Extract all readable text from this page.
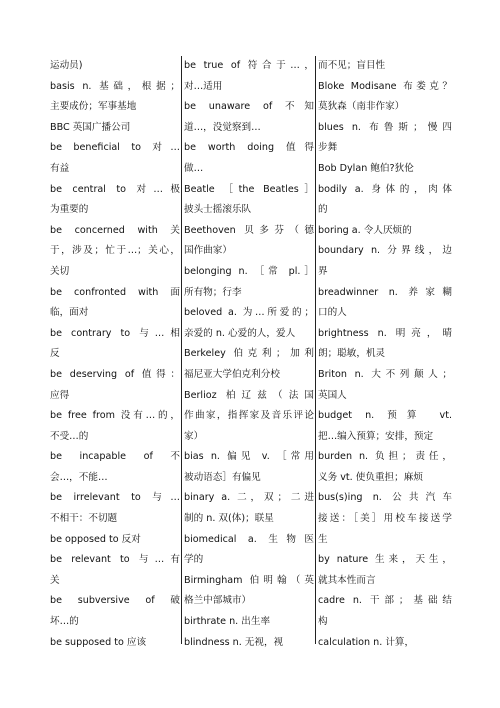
运动员)
basis n. 基础，根据；
主要成份；军事基地
BBC 英国广播公司
be beneficial to 对…
有益
be central to 对…极
为重要的
be concerned with 关
于，涉及；忙于…；关心，
关切
be confronted with 面
临，面对
be contrary to 与…相
反
be deserving of 值得：
应得
be free from 没有…的，
不受…的
be incapable of 不
会…，不能…
be irrelevant to 与…
不相干：不切题
be opposed to 反对
be relevant to 与…有
关
be subversive of 破
坏…的
be supposed to 应该
be true of 符合于…，
对…适用
be unaware of 不知
道…，没觉察到…
be worth doing 值得
做…
Beatle ［the Beatles］
披头士摇滚乐队
Beethoven 贝多芬（德
国作曲家）
belonging n. ［常 pl.］
所有物；行李
beloved a. 为…所爱的；
亲爱的 n. 心爱的人，爱人
Berkeley 伯克利；加利
福尼亚大学伯克利分校
Berlioz 柏辽兹（法国
作曲家，指挥家及音乐评论
家）
bias n. 偏见 v. ［常用
被动语态］有偏见
binary a. 二，双；二进
制的 n. 双(体)；联星
biomedical a. 生物医
学的
Birmingham 伯明翰（英
格兰中部城市）
birthrate n. 出生率
blindness n. 无视，视
而不见；盲目性
Bloke Modisane 布娄克？
莫狄森（南非作家）
blues n. 布鲁斯；慢四
步舞
Bob Dylan 鲍伯?狄伦
bodily a. 身体的，肉体
的
boring a. 令人厌烦的
boundary n. 分界线，边
界
breadwinner n. 养家糊
口的人
brightness n. 明亮，晴
朗；聪敏，机灵
Briton n. 大不列颠人；
英国人
budget n. 预算 vt.
把…编入预算；安排，预定
burden n. 负担；责任，
义务 vt. 使负重担；麻烦
bus(s)ing n. 公共汽车
接送：［美］用校车接送学
生
by nature 生来，天生，
就其本性而言
cadre n. 干部；基础结
构
calculation n. 计算，
